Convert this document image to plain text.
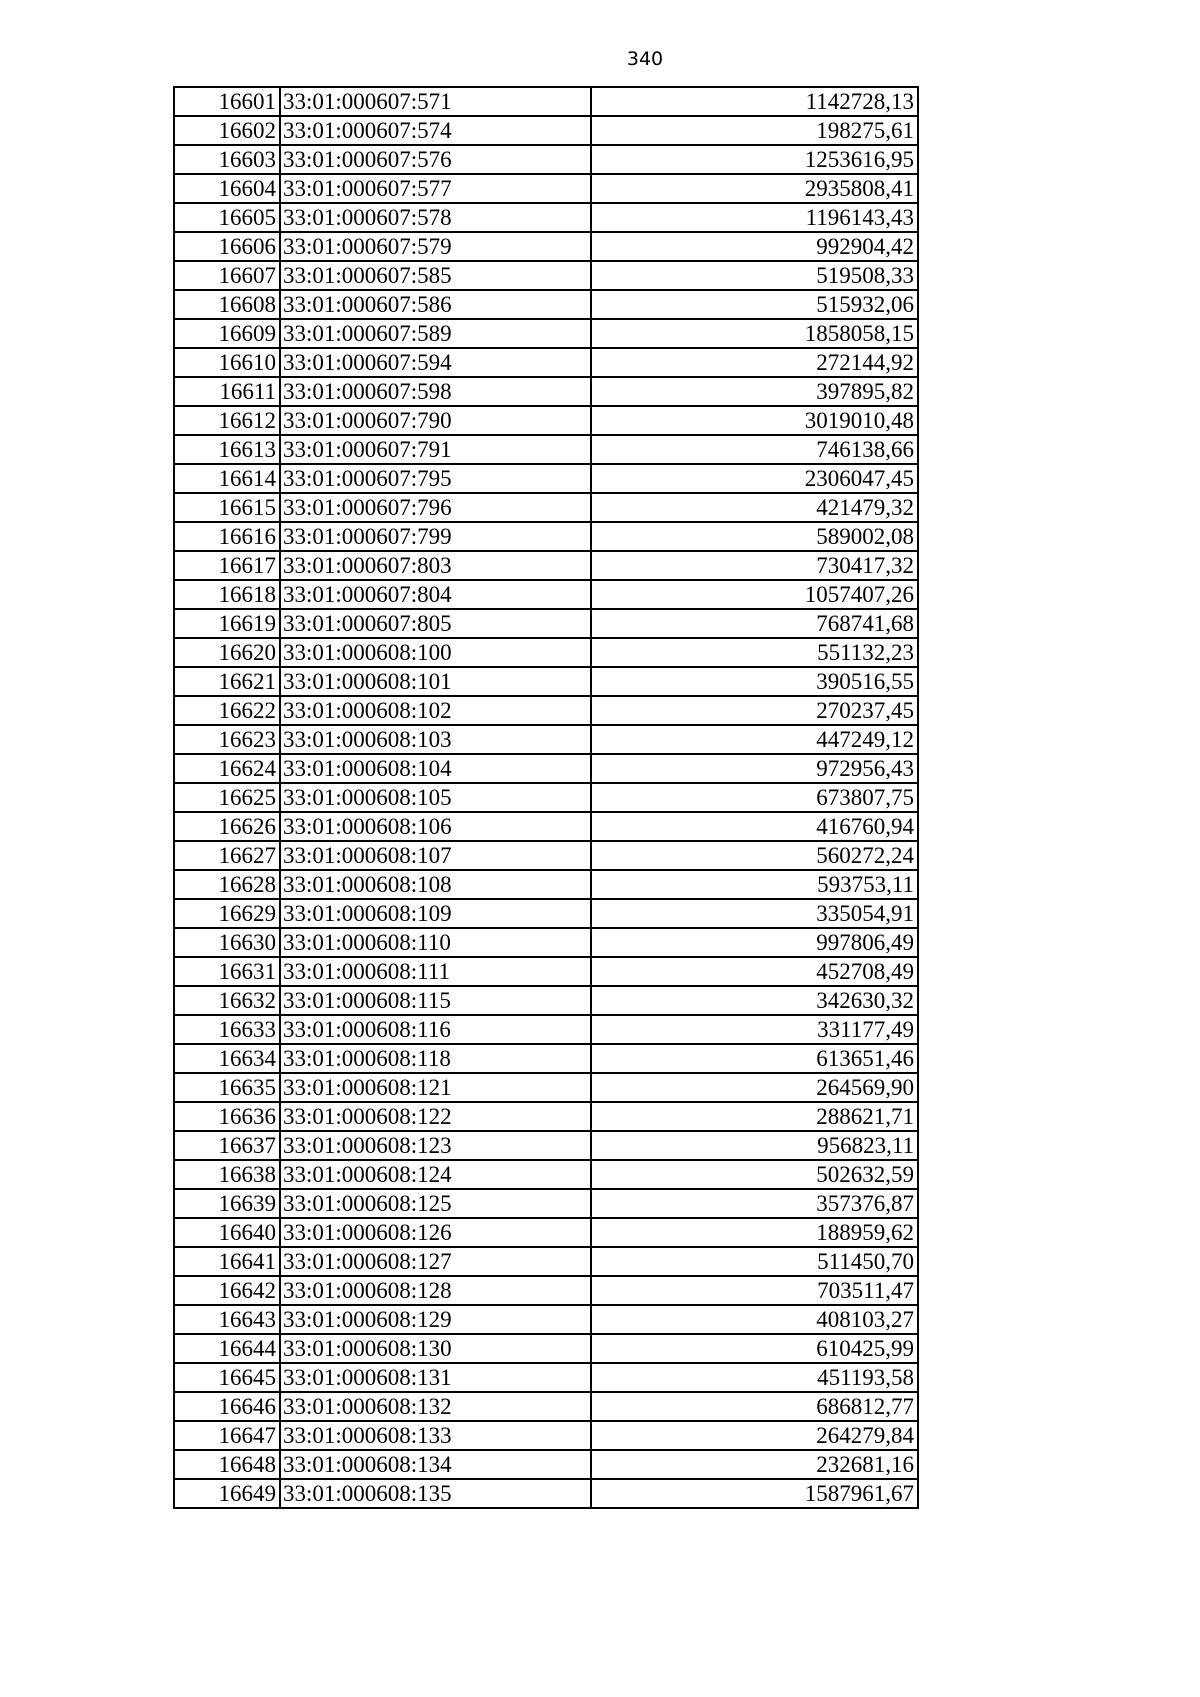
340
16601	33:01:000607:571	1142728,13
16602	33:01:000607:574	198275,61
16603	33:01:000607:576	1253616,95
16604	33:01:000607:577	2935808,41
16605	33:01:000607:578	1196143,43
16606	33:01:000607:579	992904,42
16607	33:01:000607:585	519508,33
16608	33:01:000607:586	515932,06
16609	33:01:000607:589	1858058,15
16610	33:01:000607:594	272144,92
16611	33:01:000607:598	397895,82
16612	33:01:000607:790	3019010,48
16613	33:01:000607:791	746138,66
16614	33:01:000607:795	2306047,45
16615	33:01:000607:796	421479,32
16616	33:01:000607:799	589002,08
16617	33:01:000607:803	730417,32
16618	33:01:000607:804	1057407,26
16619	33:01:000607:805	768741,68
16620	33:01:000608:100	551132,23
16621	33:01:000608:101	390516,55
16622	33:01:000608:102	270237,45
16623	33:01:000608:103	447249,12
16624	33:01:000608:104	972956,43
16625	33:01:000608:105	673807,75
16626	33:01:000608:106	416760,94
16627	33:01:000608:107	560272,24
16628	33:01:000608:108	593753,11
16629	33:01:000608:109	335054,91
16630	33:01:000608:110	997806,49
16631	33:01:000608:111	452708,49
16632	33:01:000608:115	342630,32
16633	33:01:000608:116	331177,49
16634	33:01:000608:118	613651,46
16635	33:01:000608:121	264569,90
16636	33:01:000608:122	288621,71
16637	33:01:000608:123	956823,11
16638	33:01:000608:124	502632,59
16639	33:01:000608:125	357376,87
16640	33:01:000608:126	188959,62
16641	33:01:000608:127	511450,70
16642	33:01:000608:128	703511,47
16643	33:01:000608:129	408103,27
16644	33:01:000608:130	610425,99
16645	33:01:000608:131	451193,58
16646	33:01:000608:132	686812,77
16647	33:01:000608:133	264279,84
16648	33:01:000608:134	232681,16
16649	33:01:000608:135	1587961,67
